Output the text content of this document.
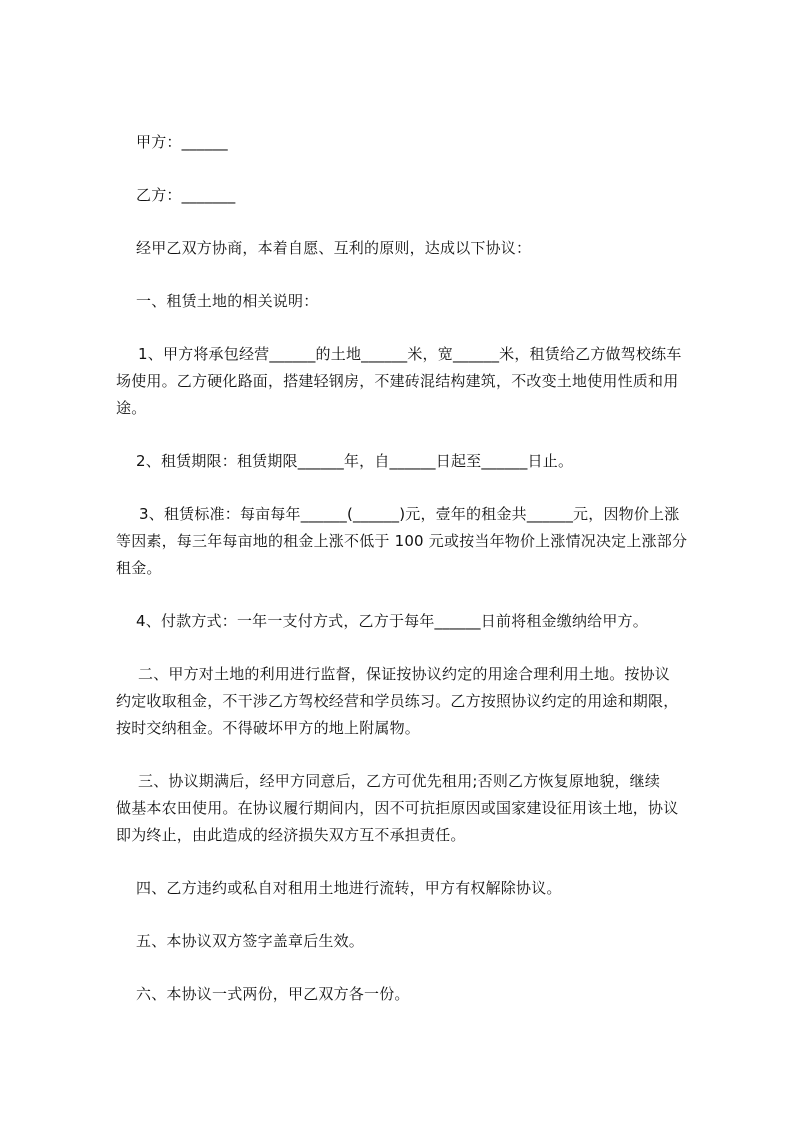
甲方：______
乙方：_______
经甲乙双方协商，本着自愿、互利的原则，达成以下协议：
一、租赁土地的相关说明：
1、甲方将承包经营______的土地______米，宽______米，租赁给乙方做驾校练车
场使用。乙方硬化路面，搭建轻钢房，不建砖混结构建筑，不改变土地使用性质和用
途。
2、租赁期限：租赁期限______年，自______日起至______日止。
3、租赁标准：每亩每年______(______)元，壹年的租金共______元，因物价上涨
等因素，每三年每亩地的租金上涨不低于 100 元或按当年物价上涨情况决定上涨部分
租金。
4、付款方式：一年一支付方式，乙方于每年______日前将租金缴纳给甲方。
二、甲方对土地的利用进行监督，保证按协议约定的用途合理利用土地。按协议
约定收取租金，不干涉乙方驾校经营和学员练习。乙方按照协议约定的用途和期限，
按时交纳租金。不得破坏甲方的地上附属物。
三、协议期满后，经甲方同意后，乙方可优先租用;否则乙方恢复原地貌，继续
做基本农田使用。在协议履行期间内，因不可抗拒原因或国家建设征用该土地，协议
即为终止，由此造成的经济损失双方互不承担责任。
四、乙方违约或私自对租用土地进行流转，甲方有权解除协议。
五、本协议双方签字盖章后生效。
六、本协议一式两份，甲乙双方各一份。
